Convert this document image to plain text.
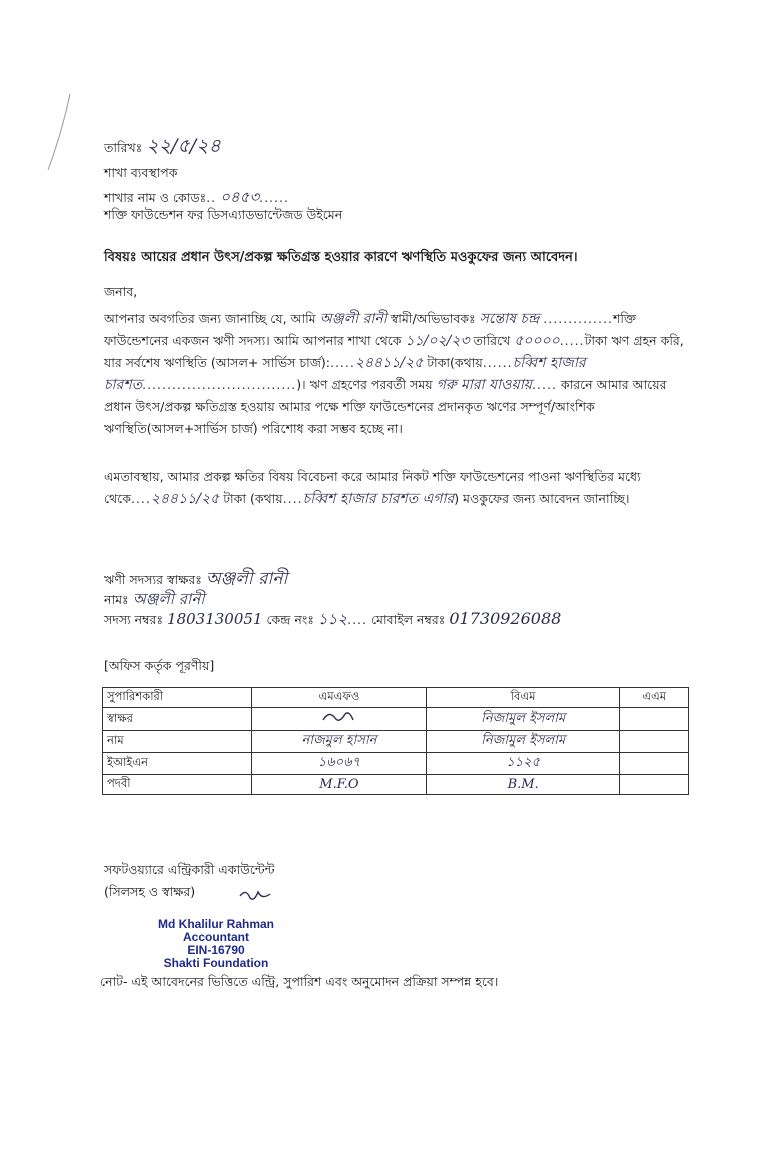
তারিখঃ ২২/৫/২৪
শাখা ব্যবস্থাপক
শাখার নাম ও কোডঃ.. ০৪৫৩......
শক্তি ফাউন্ডেশন ফর ডিসএ্যাডভান্টেজড উইমেন
বিষয়ঃ আয়ের প্রধান উৎস/প্রকল্প ক্ষতিগ্রস্ত হওয়ার কারণে ঋণস্থিতি মওকুফের জন্য আবেদন।
জনাব,
আপনার অবগতির জন্য জানাচ্ছি যে, আমি অঞ্জলী রানী স্বামী/অভিভাবকঃ সন্তোষ চন্দ্র ..............শক্তি ফাউন্ডেশনের একজন ঋণী সদস্য। আমি আপনার শাখা থেকে ১১/০২/২৩ তারিখে ৫০০০০.....টাকা ঋণ গ্রহন করি, যার সর্বশেষ ঋণস্থিতি (আসল+ সার্ভিস চার্জ):.....২৪৪১১/২৫ টাকা(কথায়......চব্বিশ হাজার চারশত...............................)। ঋণ গ্রহণের পরবর্তী সময় গরু মারা যাওয়ায়..... কারনে আমার আয়ের প্রধান উৎস/প্রকল্প ক্ষতিগ্রস্ত হওয়ায় আমার পক্ষে শক্তি ফাউন্ডেশনের প্রদানকৃত ঋণের সম্পূর্ণ/আংশিক ঋণস্থিতি(আসল+সার্ভিস চার্জ) পরিশোধ করা সম্ভব হচ্ছে না।
এমতাবস্থায়, আমার প্রকল্প ক্ষতির বিষয় বিবেচনা করে আমার নিকট শক্তি ফাউন্ডেশনের পাওনা ঋণস্থিতির মধ্যে থেকে....২৪৪১১/২৫ টাকা (কথায়....চব্বিশ হাজার চারশত এগার) মওকুফের জন্য আবেদন জানাচ্ছি।
ঋণী সদস্যর স্বাক্ষরঃ অঞ্জলী রানী
নামঃ অঞ্জলী রানী
সদস্য নম্বরঃ 1803130051 কেন্দ্র নংঃ ১১২.... মোবাইল নম্বরঃ 01730926088
[অফিস কর্তৃক পূরণীয়]
সুপারিশকারী	এমএফও	বিএম	এএম
স্বাক্ষর		নিজামুল ইসলাম	
নাম	নাজমুল হাসান	নিজামুল ইসলাম	
ইআইএন	১৬০৬৭	১১২৫	
পদবী	M.F.O	B.M.	
সফটওয়্যারে এন্ট্রিকারী একাউন্টেন্ট
(সিলসহ ও স্বাক্ষর)
Md Khalilur Rahman
Accountant
EIN-16790
Shakti Foundation
নোট- এই আবেদনের ভিত্তিতে এন্ট্রি, সুপারিশ এবং অনুমোদন প্রক্রিয়া সম্পন্ন হবে।
